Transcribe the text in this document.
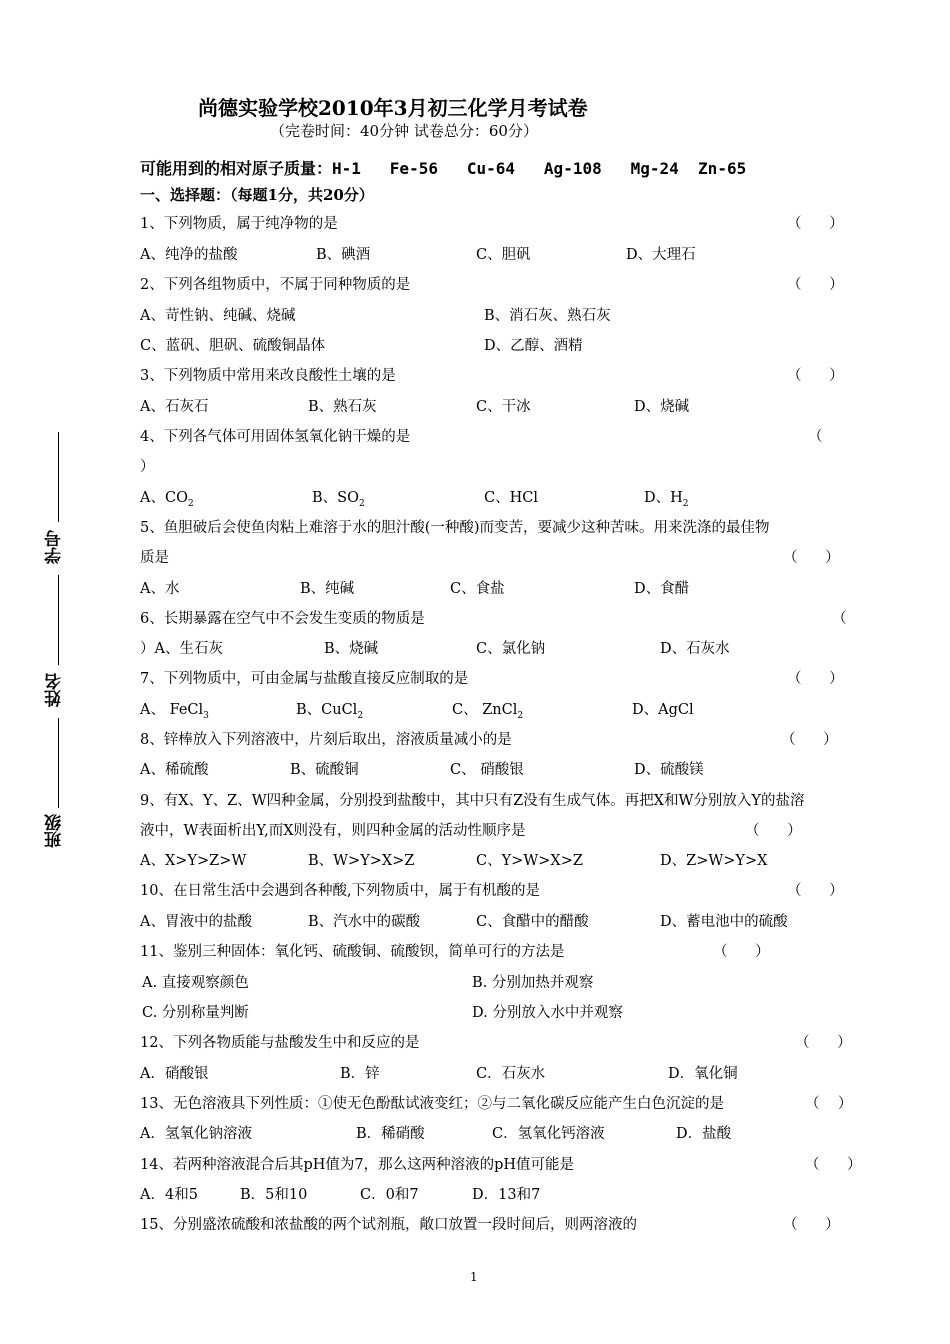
尚德实验学校2010年3月初三化学月考试卷
（完卷时间：40分钟 试卷总分：60分）
可能用到的相对原子质量：H-1   Fe-56   Cu-64   Ag-108   Mg-24  Zn-65
一、选择题：（每题1分，共20分）
学号
姓名
班级
1、下列物质，属于纯净物的是	（      ）
A、纯净的盐酸	B、碘酒	C、胆矾	D、大理石
2、下列各组物质中，不属于同种物质的是	（      ）
A、苛性钠、纯碱、烧碱	B、消石灰、熟石灰
C、蓝矾、胆矾、硫酸铜晶体	D、乙醇、酒精
3、下列物质中常用来改良酸性土壤的是	（      ）
A、石灰石	B、熟石灰	C、干冰	D、烧碱
4、下列各气体可用固体氢氧化钠干燥的是	（
）
A、$CO_2$	B、$SO_2$	C、HCl	D、$H_2$
5、鱼胆破后会使鱼肉粘上难溶于水的胆汁酸(一种酸)而变苦，要减少这种苦味。用来洗涤的最佳物
质是	（      ）
A、水	B、纯碱	C、食盐	D、食醋
6、长期暴露在空气中不会发生变质的物质是	（
）A、生石灰	B、烧碱	C、氯化钠	D、石灰水
7、下列物质中，可由金属与盐酸直接反应制取的是	（      ）
A、 FeCl$_3$	B、CuCl$_2$	C、 ZnCl$_2$	D、AgCl
8、锌棒放入下列溶液中，片刻后取出，溶液质量减小的是	（      ）
A、稀硫酸	B、硫酸铜	C、 硝酸银	D、硫酸镁
9、有X、Y、Z、W四种金属，分别投到盐酸中，其中只有Z没有生成气体。再把X和W分别放入Y的盐溶
液中，W表面析出Y,而X则没有，则四种金属的活动性顺序是	（      ）
A、X>Y>Z>W	B、W>Y>X>Z	C、Y>W>X>Z	D、Z>W>Y>X
10、在日常生活中会遇到各种酸,下列物质中，属于有机酸的是	（      ）
A、胃液中的盐酸	B、汽水中的碳酸	C、食醋中的醋酸	D、蓄电池中的硫酸
11、鉴别三种固体：氧化钙、硫酸铜、硫酸钡，简单可行的方法是	（      ）
A. 直接观察颜色	B. 分别加热并观察
C. 分别称量判断	D. 分别放入水中并观察
12、下列各物质能与盐酸发生中和反应的是	（      ）
A．硝酸银	B．锌	C．石灰水	D．氧化铜
13、无色溶液具下列性质：①使无色酚酞试液变红；②与二氧化碳反应能产生白色沉淀的是	（    ）
A．氢氧化钠溶液	B．稀硝酸	C．氢氧化钙溶液	D．盐酸
14、若两种溶液混合后其pH值为7，那么这两种溶液的pH值可能是	（      ）
A．4和5	B．5和10	C．0和7	D．13和7
15、分别盛浓硫酸和浓盐酸的两个试剂瓶，敞口放置一段时间后，则两溶液的	（      ）
1
